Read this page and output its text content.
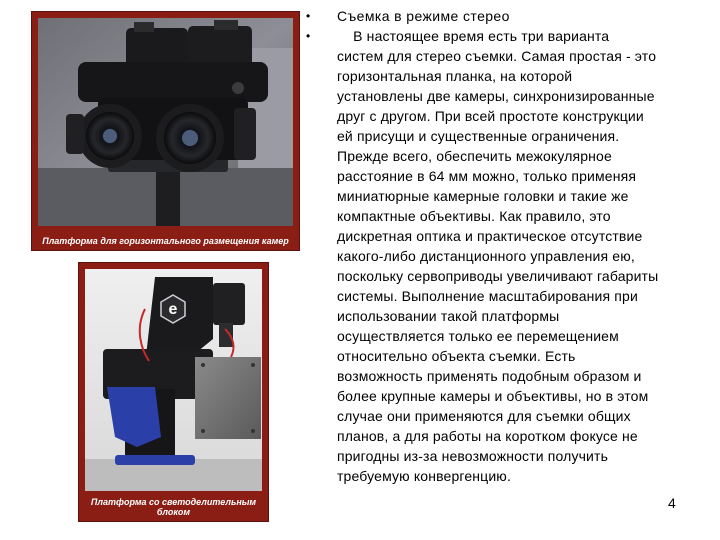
Платформа для горизонтального размещения камер
e
Платформа со светоделительным
блоком
•
•
Съемка в режиме стерео
В настоящее время есть три варианта
систем для стерео съемки. Самая простая - это
горизонтальная планка, на которой
установлены две камеры, синхронизированные
друг с другом. При всей простоте конструкции
ей присущи и существенные ограничения.
Прежде всего, обеспечить межокулярное
расстояние в 64 мм можно, только применяя
миниатюрные камерные головки и такие же
компактные объективы. Как правило, это
дискретная оптика и практическое отсутствие
какого-либо дистанционного управления ею,
поскольку сервоприводы увеличивают габариты
системы. Выполнение масштабирования при
использовании такой платформы
осуществляется только ее перемещением
относительно объекта съемки. Есть
возможность применять подобным образом и
более крупные камеры и объективы, но в этом
случае они применяются для съемки общих
планов, а для работы на коротком фокусе не
пригодны из-за невозможности получить
требуемую конвергенцию.
4
